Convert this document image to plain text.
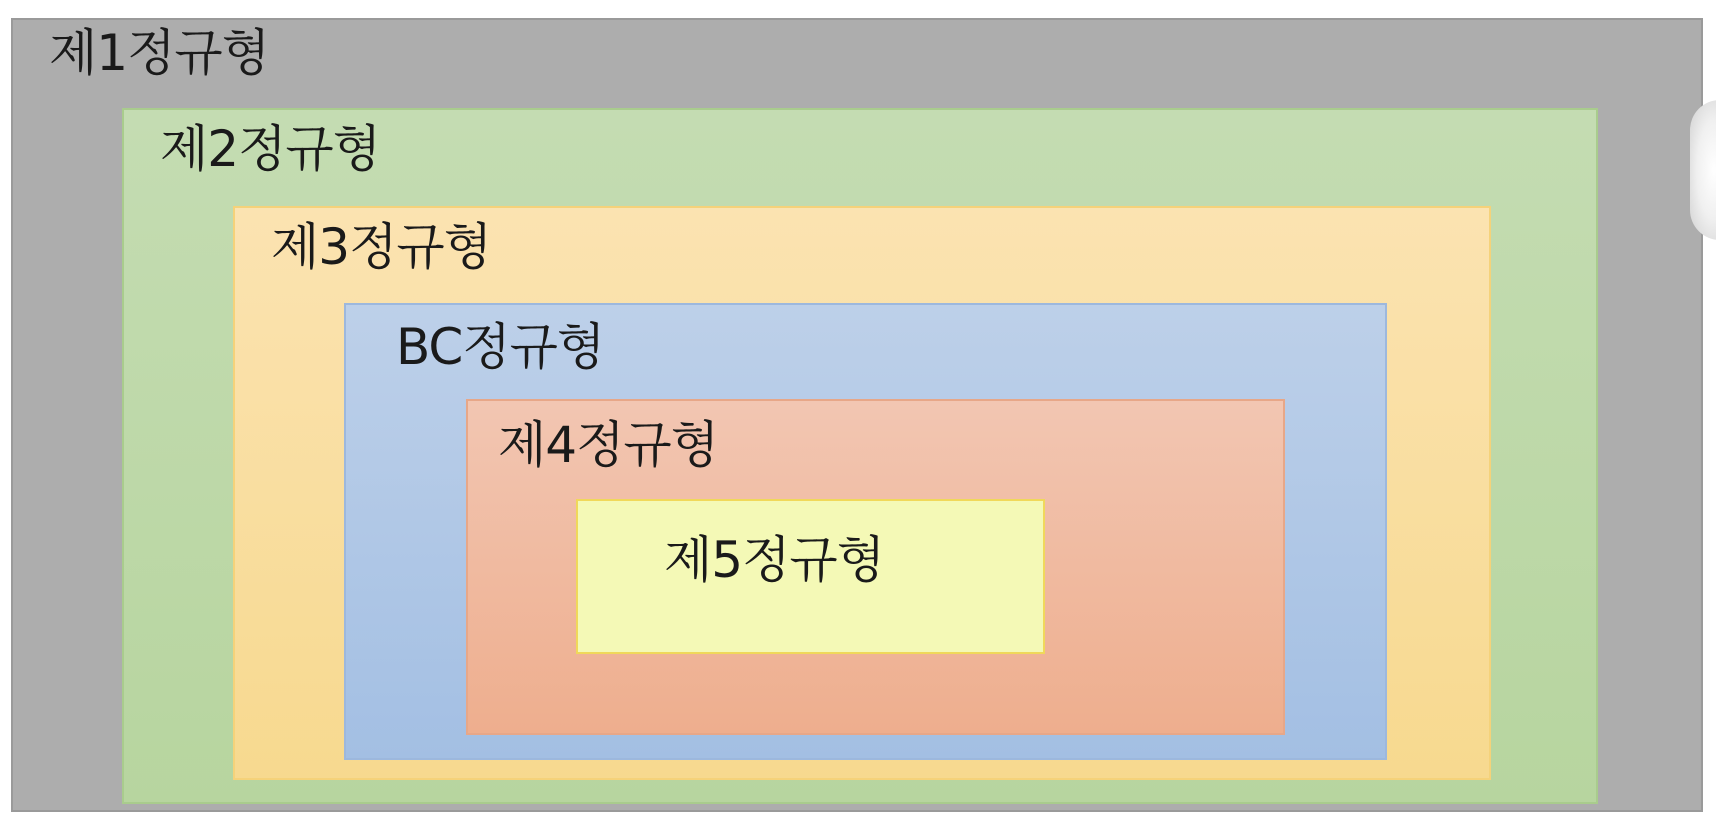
제1정규형
제2정규형
제3정규형
BC정규형
제4정규형
제5정규형
